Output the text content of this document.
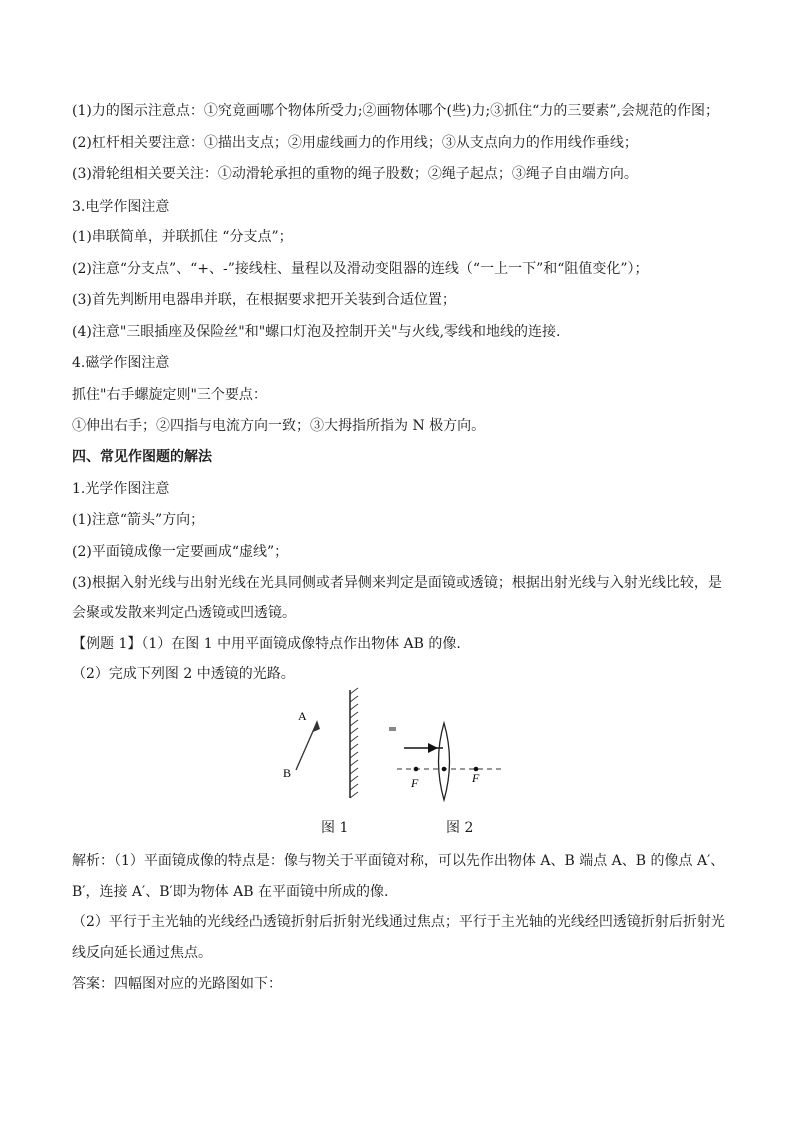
(1)力的图示注意点：①究竟画哪个物体所受力;②画物体哪个(些)力;③抓住“力的三要素”,会规范的作图；
(2)杠杆相关要注意：①描出支点；②用虚线画力的作用线；③从支点向力的作用线作垂线；
(3)滑轮组相关要关注：①动滑轮承担的重物的绳子股数；②绳子起点；③绳子自由端方向。
3.电学作图注意
(1)串联简单，并联抓住 “分支点”；
(2)注意“分支点”、“+、-”接线柱、量程以及滑动变阻器的连线（“一上一下”和“阻值变化”）；
(3)首先判断用电器串并联，在根据要求把开关装到合适位置；
(4)注意"三眼插座及保险丝"和"螺口灯泡及控制开关"与火线,零线和地线的连接.
4.磁学作图注意
抓住"右手螺旋定则"三个要点：
①伸出右手；②四指与电流方向一致；③大拇指所指为 N 极方向。
四、常见作图题的解法
1.光学作图注意
(1)注意“箭头”方向；
(2)平面镜成像一定要画成“虚线”；
(3)根据入射光线与出射光线在光具同侧或者异侧来判定是面镜或透镜；根据出射光线与入射光线比较，是
会聚或发散来判定凸透镜或凹透镜。
【例题 1】（1）在图 1 中用平面镜成像特点作出物体 AB 的像.
（2）完成下列图 2 中透镜的光路。
A
B
F	F
图 1	图 2
解析：（1）平面镜成像的特点是：像与物关于平面镜对称，可以先作出物体 A、B 端点 A、B 的像点 A′、
B′，连接 A′、B′即为物体 AB 在平面镜中所成的像.
（2）平行于主光轴的光线经凸透镜折射后折射光线通过焦点；平行于主光轴的光线经凹透镜折射后折射光
线反向延长通过焦点。
答案：四幅图对应的光路图如下：
